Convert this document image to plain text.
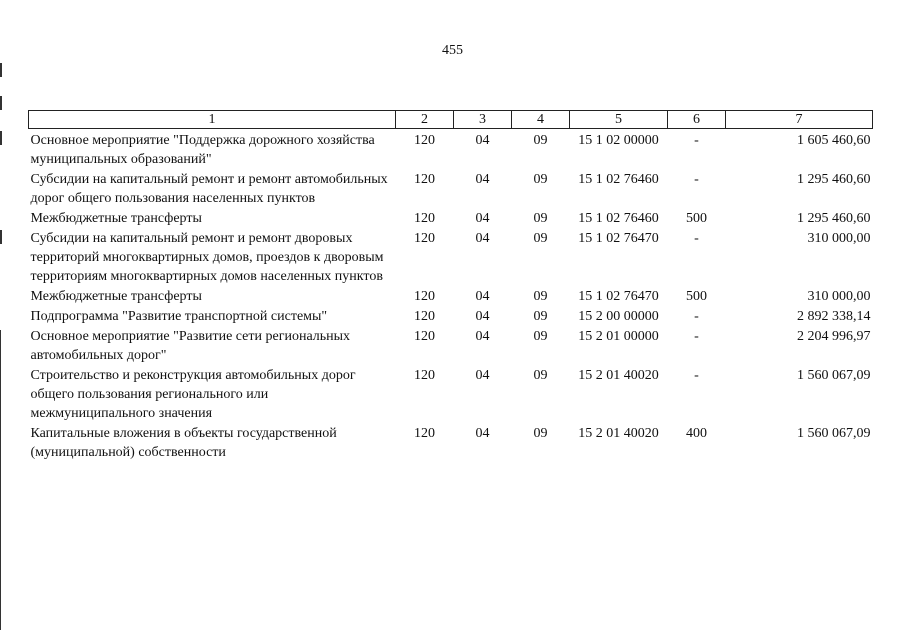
455
1	2	3	4	5	6	7
Основное мероприятие "Поддержка дорожного хозяйства муниципальных образований"	120	04	09	15 1 02 00000	-	1 605 460,60
Субсидии на капитальный ремонт и ремонт автомобильных дорог общего пользования населенных пунктов	120	04	09	15 1 02 76460	-	1 295 460,60
Межбюджетные трансферты	120	04	09	15 1 02 76460	500	1 295 460,60
Субсидии на капитальный ремонт и ремонт дворовых территорий многоквартирных домов, проездов к дворовым территориям многоквартирных домов населенных пунктов	120	04	09	15 1 02 76470	-	310 000,00
Межбюджетные трансферты	120	04	09	15 1 02 76470	500	310 000,00
Подпрограмма "Развитие транспортной системы"	120	04	09	15 2 00 00000	-	2 892 338,14
Основное мероприятие "Развитие сети региональных автомобильных дорог"	120	04	09	15 2 01 00000	-	2 204 996,97
Строительство и реконструкция автомобильных дорог общего пользования регионального или межмуниципального значения	120	04	09	15 2 01 40020	-	1 560 067,09
Капитальные вложения в объекты государственной (муниципальной) собственности	120	04	09	15 2 01 40020	400	1 560 067,09
